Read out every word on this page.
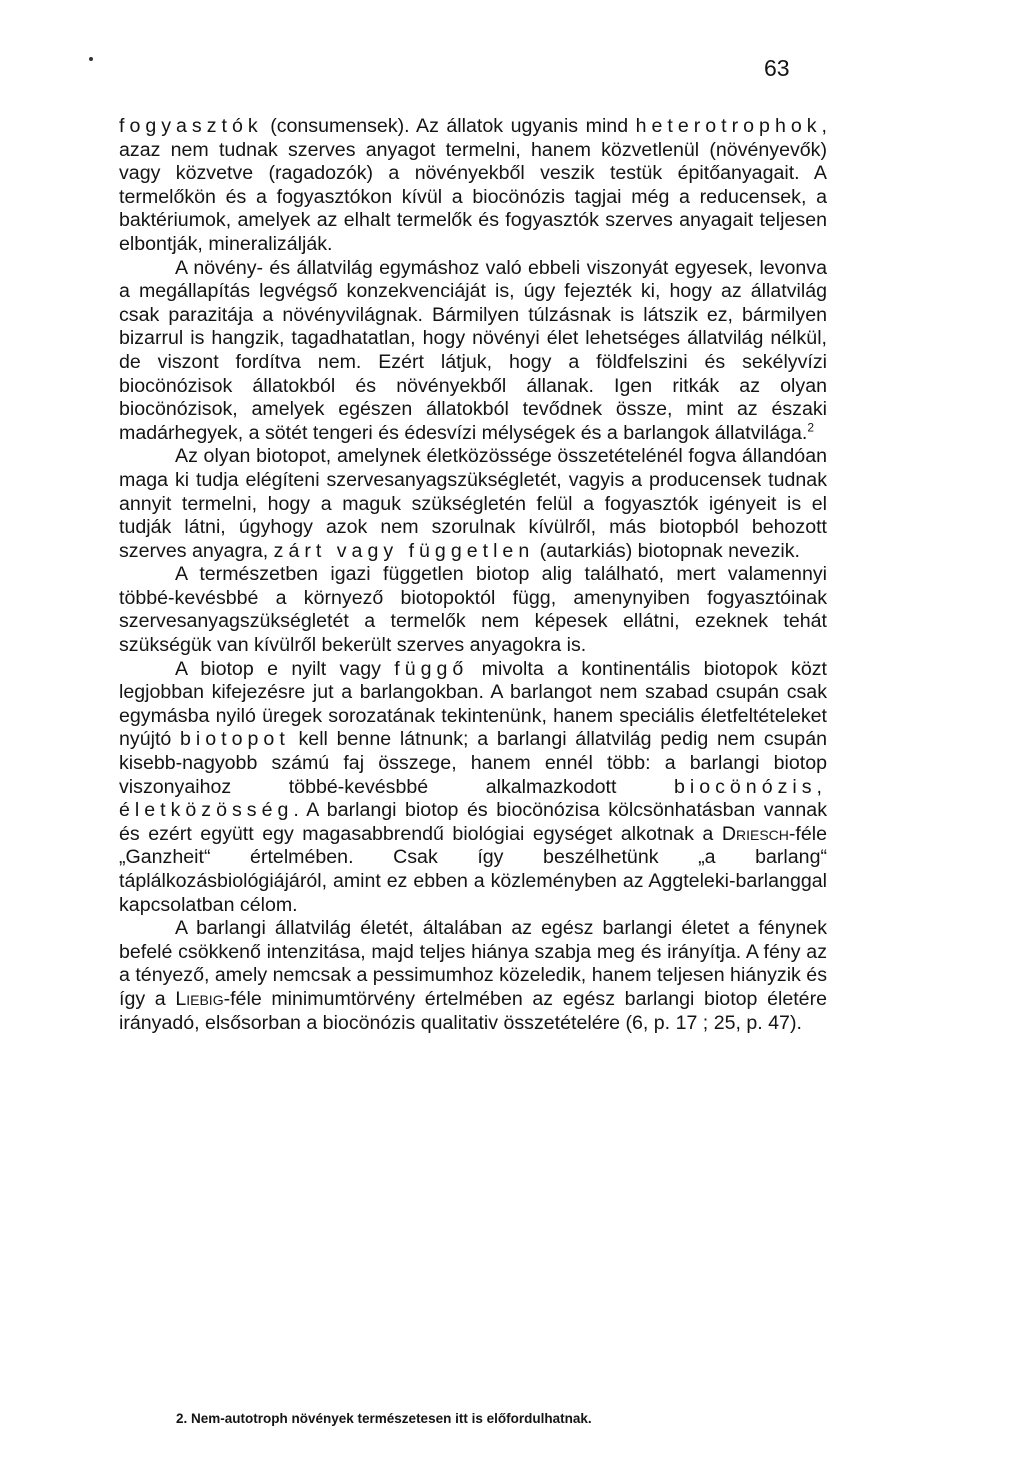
63

fogyasztók (consumensek). Az állatok ugyanis mind heterotrophok, azaz nem tudnak szerves anyagot termelni, hanem közvetlenül (növényevők) vagy közvetve (ragadozók) a növényekből veszik testük épitőanyagait. A termelőkön és a fogyasztókon kívül a biocönózis tagjai még a reducensek, a baktériumok, amelyek az elhalt termelők és fogyasztók szerves anyagait teljesen elbontják, mineralizálják.

A növény- és állatvilág egymáshoz való ebbeli viszonyát egyesek, levonva a megállapítás legvégső konzekvenciáját is, úgy fejezték ki, hogy az állatvilág csak parazitája a növényvilágnak. Bármilyen túlzásnak is látszik ez, bármilyen bizarrul is hangzik, tagadhatatlan, hogy növényi élet lehetséges állatvilág nélkül, de viszont fordítva nem. Ezért látjuk, hogy a földfelszini és sekélyvízi biocönózisok állatokból és növényekből állanak. Igen ritkák az olyan biocönózisok, amelyek egészen állatokból tevődnek össze, mint az északi madárhegyek, a sötét tengeri és édesvízi mélységek és a barlangok állatvilága.$^2$

Az olyan biotopot, amelynek életközössége összetételénél fogva állandóan maga ki tudja elégíteni szervesanyagszükségletét, vagyis a producensek tudnak annyit termelni, hogy a maguk szükségletén felül a fogyasztók igényeit is el tudják látni, úgyhogy azok nem szorulnak kívülről, más biotopból behozott szerves anyagra, zárt vagy független (autarkiás) biotopnak nevezik.

A természetben igazi független biotop alig található, mert valamennyi többé-kevésbbé a környező biotopoktól függ, amenynyiben fogyasztóinak szervesanyagszükségletét a termelők nem képesek ellátni, ezeknek tehát szükségük van kívülről bekerült szerves anyagokra is.

A biotop e nyilt vagy függő mivolta a kontinentális biotopok közt legjobban kifejezésre jut a barlangokban. A barlangot nem szabad csupán csak egymásba nyiló üregek sorozatának tekintenünk, hanem speciális életfeltételeket nyújtó biotopot kell benne látnunk; a barlangi állatvilág pedig nem csupán kisebb-nagyobb számú faj összege, hanem ennél több: a barlangi biotop viszonyaihoz többé-kevésbbé alkalmazkodott biocönózis, életközösség. A barlangi biotop és biocönózisa kölcsönhatásban vannak és ezért együtt egy magasabbrendű biológiai egységet alkotnak a Driesch-féle „Ganzheit“ értelmében. Csak így beszélhetünk „a barlang“ táplálkozásbiológiájáról, amint ez ebben a közleményben az Aggteleki-barlanggal kapcsolatban célom.

A barlangi állatvilág életét, általában az egész barlangi életet a fénynek befelé csökkenő intenzitása, majd teljes hiánya szabja meg és irányítja. A fény az a tényező, amely nemcsak a pessimumhoz közeledik, hanem teljesen hiányzik és így a Liebig-féle minimumtörvény értelmében az egész barlangi biotop életére irányadó, elsősorban a biocönózis qualitativ összetételére (6, p. 17 ; 25, p. 47).

2. Nem-autotroph növények természetesen itt is előfordulhatnak.
